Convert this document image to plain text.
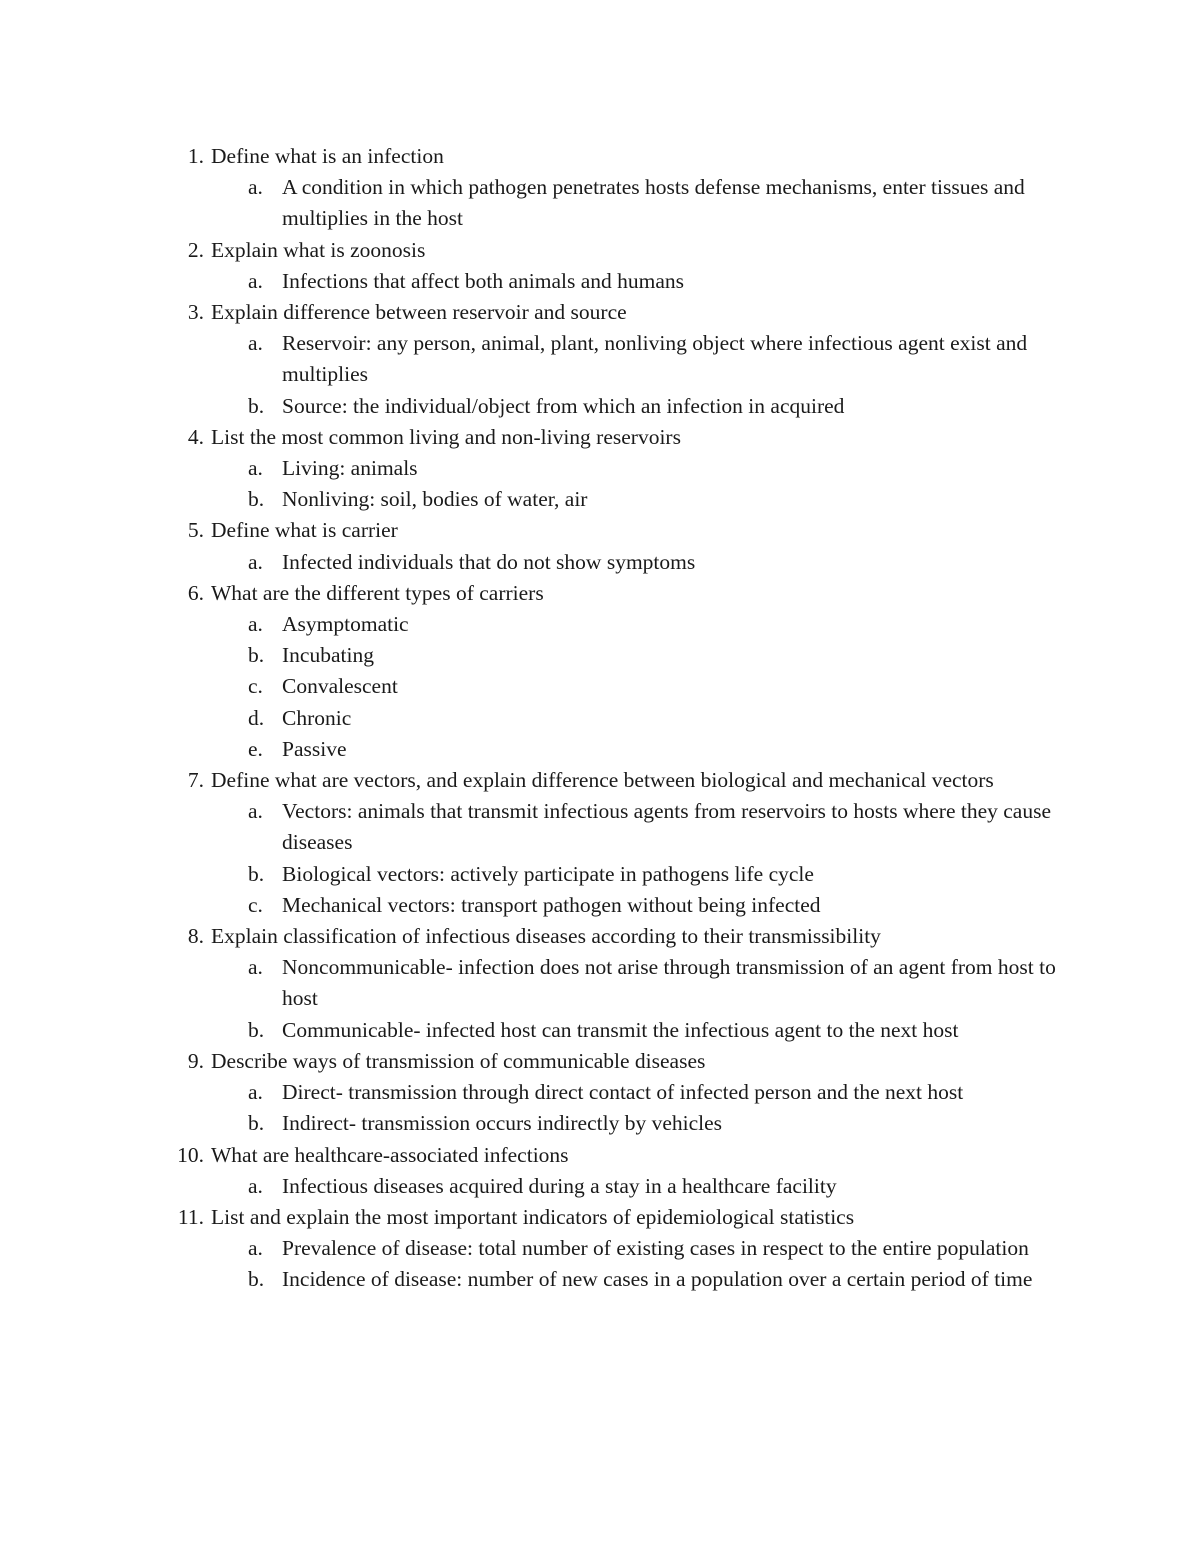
1. Define what is an infection
a. A condition in which pathogen penetrates hosts defense mechanisms, enter tissues and multiplies in the host
2. Explain what is zoonosis
a. Infections that affect both animals and humans
3. Explain difference between reservoir and source
a. Reservoir: any person, animal, plant, nonliving object where infectious agent exist and multiplies
b. Source: the individual/object from which an infection in acquired
4. List the most common living and non-living reservoirs
a. Living: animals
b. Nonliving: soil, bodies of water, air
5. Define what is carrier
a. Infected individuals that do not show symptoms
6. What are the different types of carriers
a. Asymptomatic
b. Incubating
c. Convalescent
d. Chronic
e. Passive
7. Define what are vectors, and explain difference between biological and mechanical vectors
a. Vectors: animals that transmit infectious agents from reservoirs to hosts where they cause diseases
b. Biological vectors: actively participate in pathogens life cycle
c. Mechanical vectors: transport pathogen without being infected
8. Explain classification of infectious diseases according to their transmissibility
a. Noncommunicable- infection does not arise through transmission of an agent from host to host
b. Communicable- infected host can transmit the infectious agent to the next host
9. Describe ways of transmission of communicable diseases
a. Direct- transmission through direct contact of infected person and the next host
b. Indirect- transmission occurs indirectly by vehicles
10. What are healthcare-associated infections
a. Infectious diseases acquired during a stay in a healthcare facility
11. List and explain the most important indicators of epidemiological statistics
a. Prevalence of disease: total number of existing cases in respect to the entire population
b. Incidence of disease: number of new cases in a population over a certain period of time
